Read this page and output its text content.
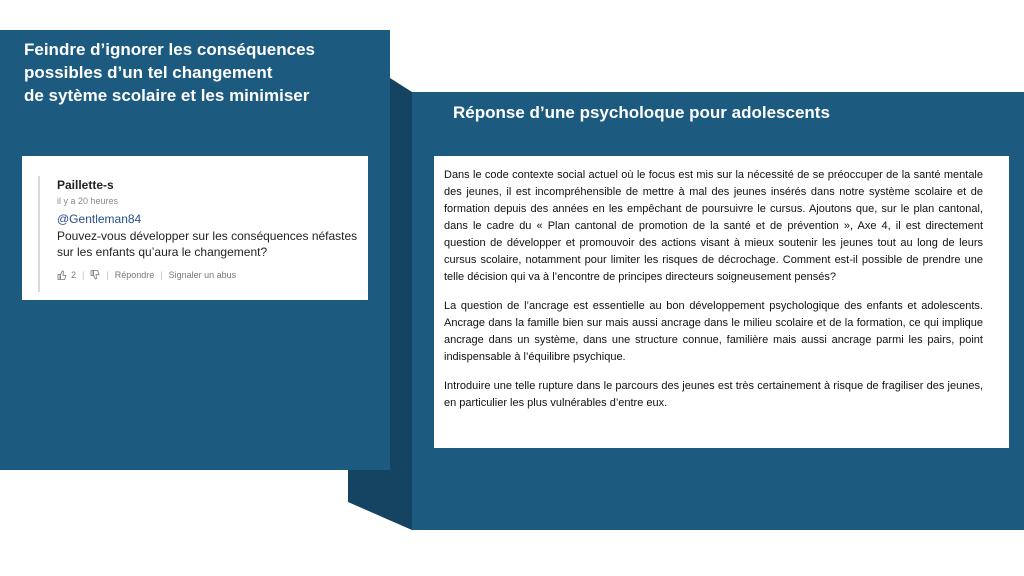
Feindre d’ignorer les conséquences
possibles d’un tel changement
de sytème scolaire et les minimiser
Paillette-s
il y a 20 heures
@Gentleman84
Pouvez-vous développer sur les conséquences néfastes sur les enfants qu’aura le changement?
2 | | Répondre | Signaler un abus
Réponse d’une psycholoque pour adolescents

Dans le code contexte social actuel où le focus est mis sur la nécessité de se préoccuper de la santé mentale des jeunes, il est incompréhensible de mettre à mal des jeunes insérés dans notre système scolaire et de formation depuis des années en les empêchant de poursuivre le cursus. Ajoutons que, sur le plan cantonal, dans le cadre du « Plan cantonal de promotion de la santé et de prévention », Axe 4, il est directement question de développer et promouvoir des actions visant à mieux soutenir les jeunes tout au long de leurs cursus scolaire, notamment pour limiter les risques de décrochage. Comment est-il possible de prendre une telle décision qui va à l’encontre de principes directeurs soigneusement pensés?

La question de l’ancrage est essentielle au bon développement psychologique des enfants et adolescents. Ancrage dans la famille bien sur mais aussi ancrage dans le milieu scolaire et de la formation, ce qui implique ancrage dans un système, dans une structure connue, familière mais aussi ancrage parmi les pairs, point indispensable à l’équilibre psychique.

Introduire une telle rupture dans le parcours des jeunes est très certainement à risque de fragiliser des jeunes, en particulier les plus vulnérables d’entre eux.
